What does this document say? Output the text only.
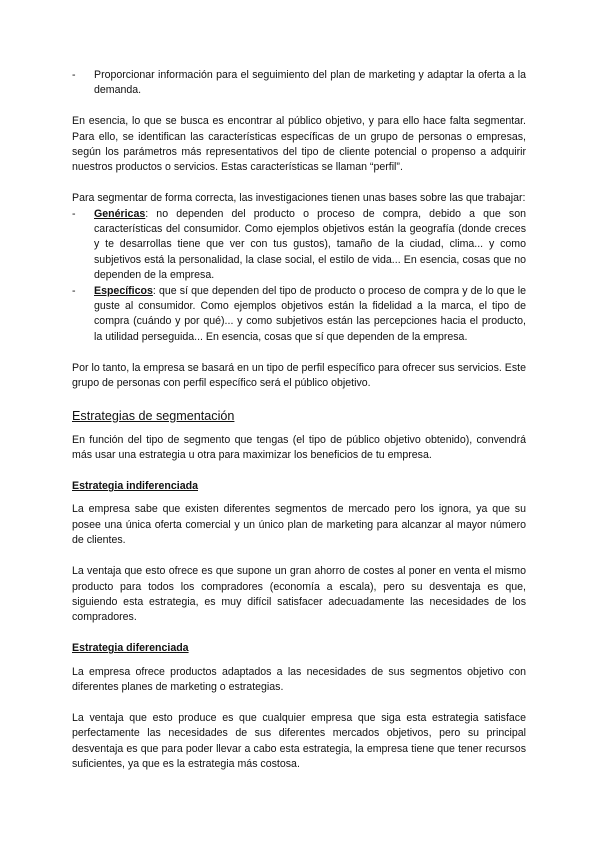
- Proporcionar información para el seguimiento del plan de marketing y adaptar la oferta a la demanda.

En esencia, lo que se busca es encontrar al público objetivo, y para ello hace falta segmentar. Para ello, se identifican las características específicas de un grupo de personas o empresas, según los parámetros más representativos del tipo de cliente potencial o propenso a adquirir nuestros productos o servicios. Estas características se llaman “perfil”.

Para segmentar de forma correcta, las investigaciones tienen unas bases sobre las que trabajar:

- Genéricas: no dependen del producto o proceso de compra, debido a que son características del consumidor. Como ejemplos objetivos están la geografía (donde creces y te desarrollas tiene que ver con tus gustos), tamaño de la ciudad, clima... y como subjetivos está la personalidad, la clase social, el estilo de vida... En esencia, cosas que no dependen de la empresa.
- Específicos: que sí que dependen del tipo de producto o proceso de compra y de lo que le guste al consumidor. Como ejemplos objetivos están la fidelidad a la marca, el tipo de compra (cuándo y por qué)... y como subjetivos están las percepciones hacia el producto, la utilidad perseguida... En esencia, cosas que sí que dependen de la empresa.

Por lo tanto, la empresa se basará en un tipo de perfil específico para ofrecer sus servicios. Este grupo de personas con perfil específico será el público objetivo.

Estrategias de segmentación

En función del tipo de segmento que tengas (el tipo de público objetivo obtenido), convendrá más usar una estrategia u otra para maximizar los beneficios de tu empresa.

Estrategia indiferenciada

La empresa sabe que existen diferentes segmentos de mercado pero los ignora, ya que su posee una única oferta comercial y un único plan de marketing para alcanzar al mayor número de clientes.

La ventaja que esto ofrece es que supone un gran ahorro de costes al poner en venta el mismo producto para todos los compradores (economía a escala), pero su desventaja es que, siguiendo esta estrategia, es muy difícil satisfacer adecuadamente las necesidades de los compradores.

Estrategia diferenciada

La empresa ofrece productos adaptados a las necesidades de sus segmentos objetivo con diferentes planes de marketing o estrategias.

La ventaja que esto produce es que cualquier empresa que siga esta estrategia satisface perfectamente las necesidades de sus diferentes mercados objetivos, pero su principal desventaja es que para poder llevar a cabo esta estrategia, la empresa tiene que tener recursos suficientes, ya que es la estrategia más costosa.
